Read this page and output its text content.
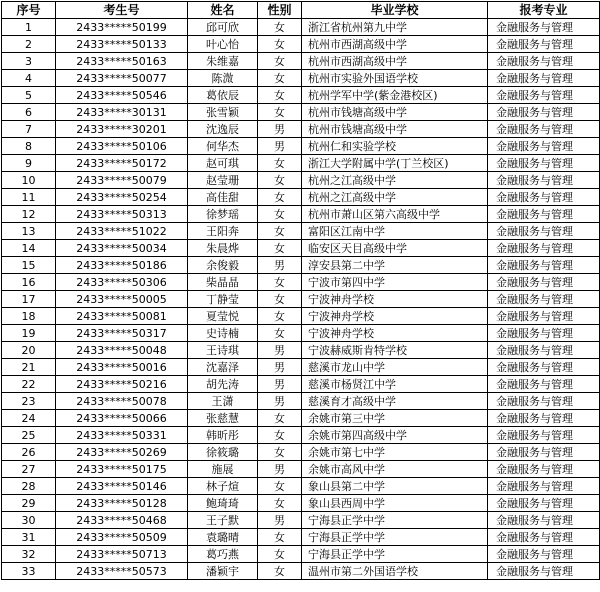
序号	考生号	姓名	性别	毕业学校	报考专业
1	2433*****50199	邱可欣	女	浙江省杭州第九中学	金融服务与管理
2	2433*****50133	叶心怡	女	杭州市西湖高级中学	金融服务与管理
3	2433*****50163	朱维嘉	女	杭州市西湖高级中学	金融服务与管理
4	2433*****50077	陈溦	女	杭州市实验外国语学校	金融服务与管理
5	2433*****50546	葛依辰	女	杭州学军中学(紫金港校区)	金融服务与管理
6	2433*****30131	张雪颖	女	杭州市钱塘高级中学	金融服务与管理
7	2433*****30201	沈逸辰	男	杭州市钱塘高级中学	金融服务与管理
8	2433*****50106	何华杰	男	杭州仁和实验学校	金融服务与管理
9	2433*****50172	赵可琪	女	浙江大学附属中学(丁兰校区)	金融服务与管理
10	2433*****50079	赵莹珊	女	杭州之江高级中学	金融服务与管理
11	2433*****50254	高佳甜	女	杭州之江高级中学	金融服务与管理
12	2433*****50313	徐梦瑶	女	杭州市萧山区第六高级中学	金融服务与管理
13	2433*****51022	王阳奔	女	富阳区江南中学	金融服务与管理
14	2433*****50034	朱晨烨	女	临安区天目高级中学	金融服务与管理
15	2433*****50186	余俊毅	男	淳安县第二中学	金融服务与管理
16	2433*****50306	柴晶晶	女	宁波市第四中学	金融服务与管理
17	2433*****50005	丁静莹	女	宁波神舟学校	金融服务与管理
18	2433*****50081	夏莹悦	女	宁波神舟学校	金融服务与管理
19	2433*****50317	史诗楠	女	宁波神舟学校	金融服务与管理
20	2433*****50048	王诗琪	男	宁波赫威斯肯特学校	金融服务与管理
21	2433*****50016	沈嘉泽	男	慈溪市龙山中学	金融服务与管理
22	2433*****50216	胡先涛	男	慈溪市杨贤江中学	金融服务与管理
23	2433*****50078	王潇	男	慈溪育才高级中学	金融服务与管理
24	2433*****50066	张慈慧	女	余姚市第三中学	金融服务与管理
25	2433*****50331	韩昕彤	女	余姚市第四高级中学	金融服务与管理
26	2433*****50269	徐筱璐	女	余姚市第七中学	金融服务与管理
27	2433*****50175	施展	男	余姚市高风中学	金融服务与管理
28	2433*****50146	林子煊	女	象山县第二中学	金融服务与管理
29	2433*****50128	鲍琦琦	女	象山县西周中学	金融服务与管理
30	2433*****50468	王子默	男	宁海县正学中学	金融服务与管理
31	2433*****50509	袁璐晴	女	宁海县正学中学	金融服务与管理
32	2433*****50713	葛巧燕	女	宁海县正学中学	金融服务与管理
33	2433*****50573	潘颖宇	女	温州市第二外国语学校	金融服务与管理
